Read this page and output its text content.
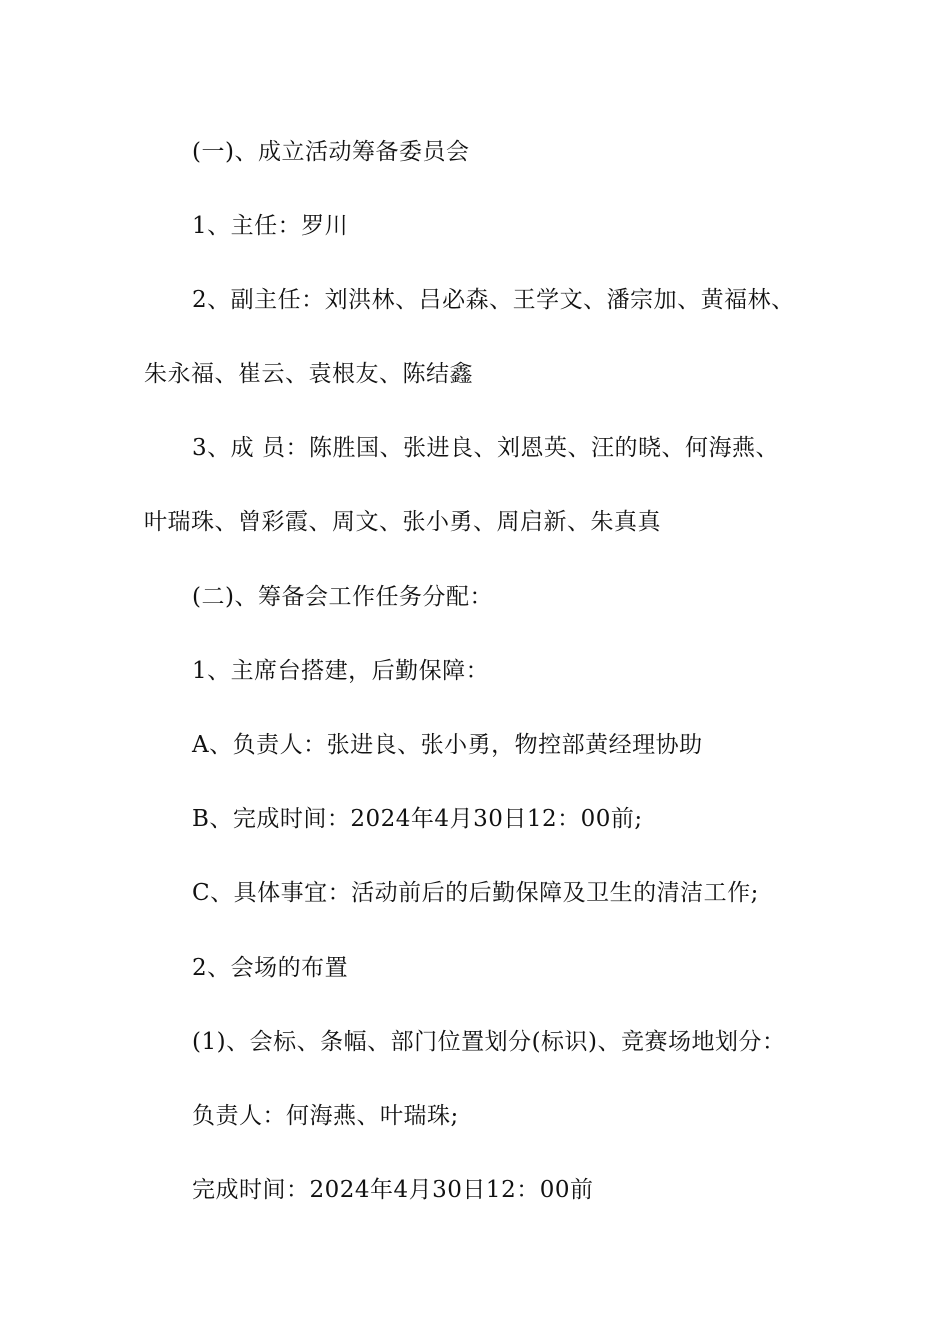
(一)、成立活动筹备委员会
1、主任：罗川
2、副主任：刘洪林、吕必森、王学文、潘宗加、黄福林、
朱永福、崔云、袁根友、陈结鑫
3、成 员：陈胜国、张进良、刘恩英、汪的晓、何海燕、
叶瑞珠、曾彩霞、周文、张小勇、周启新、朱真真
(二)、筹备会工作任务分配：
1、主席台搭建，后勤保障：
A、负责人：张进良、张小勇，物控部黄经理协助
B、完成时间：2024年4月30日12：00前;
C、具体事宜：活动前后的后勤保障及卫生的清洁工作;
2、会场的布置
(1)、会标、条幅、部门位置划分(标识)、竞赛场地划分：
负责人：何海燕、叶瑞珠;
完成时间：2024年4月30日12：00前
